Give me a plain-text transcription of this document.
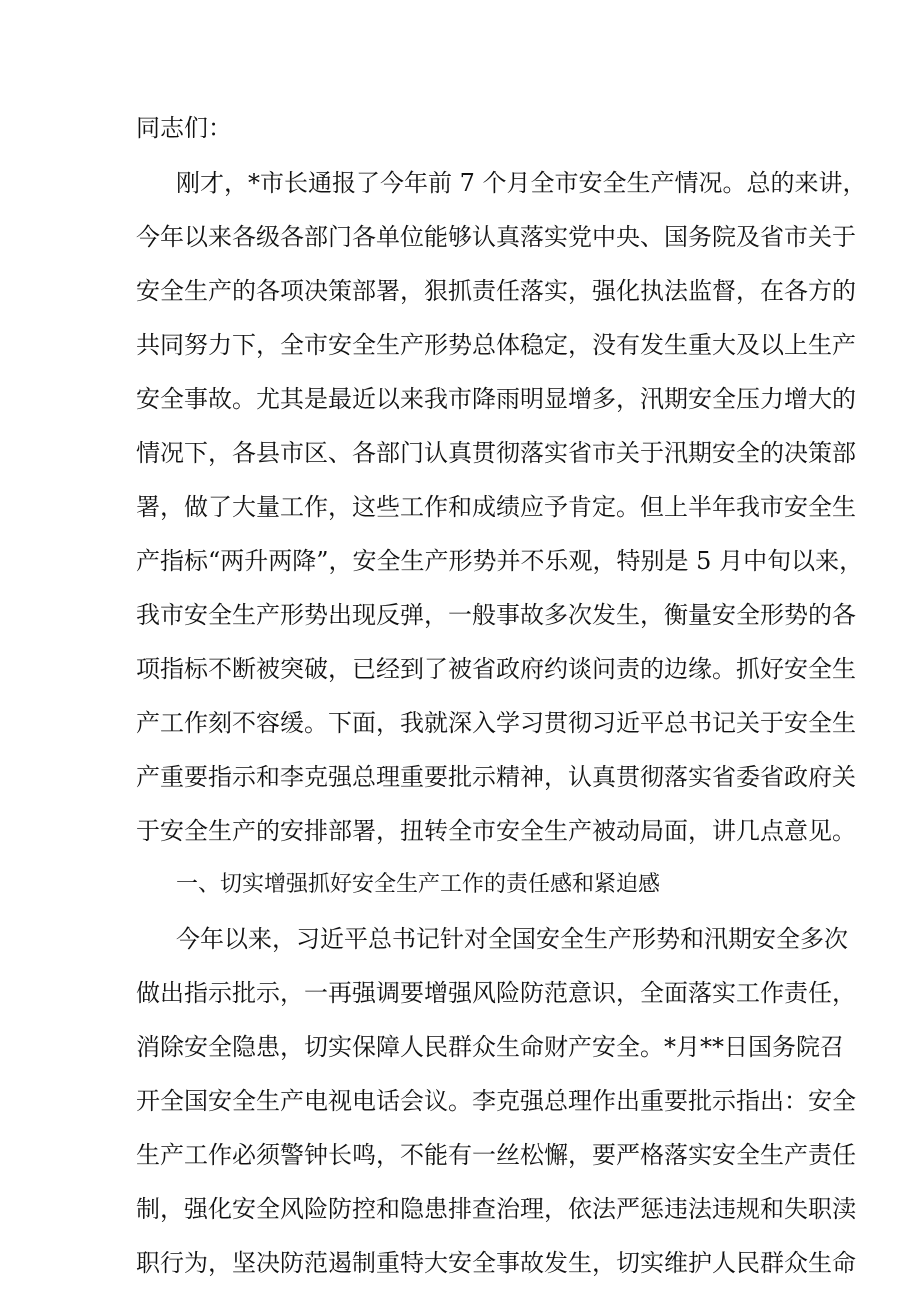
同志们：
刚才，*市长通报了今年前 7 个月全市安全生产情况。总的来讲，
今年以来各级各部门各单位能够认真落实党中央、国务院及省市关于
安全生产的各项决策部署，狠抓责任落实，强化执法监督，在各方的
共同努力下，全市安全生产形势总体稳定，没有发生重大及以上生产
安全事故。尤其是最近以来我市降雨明显增多，汛期安全压力增大的
情况下，各县市区、各部门认真贯彻落实省市关于汛期安全的决策部
署，做了大量工作，这些工作和成绩应予肯定。但上半年我市安全生
产指标“两升两降”，安全生产形势并不乐观，特别是 5 月中旬以来，
我市安全生产形势出现反弹，一般事故多次发生，衡量安全形势的各
项指标不断被突破，已经到了被省政府约谈问责的边缘。抓好安全生
产工作刻不容缓。下面，我就深入学习贯彻习近平总书记关于安全生
产重要指示和李克强总理重要批示精神，认真贯彻落实省委省政府关
于安全生产的安排部署，扭转全市安全生产被动局面，讲几点意见。
一、切实增强抓好安全生产工作的责任感和紧迫感
今年以来，习近平总书记针对全国安全生产形势和汛期安全多次
做出指示批示，一再强调要增强风险防范意识，全面落实工作责任，
消除安全隐患，切实保障人民群众生命财产安全。*月**日国务院召
开全国安全生产电视电话会议。李克强总理作出重要批示指出：安全
生产工作必须警钟长鸣，不能有一丝松懈，要严格落实安全生产责任
制，强化安全风险防控和隐患排查治理，依法严惩违法违规和失职渎
职行为，坚决防范遏制重特大安全事故发生，切实维护人民群众生命
